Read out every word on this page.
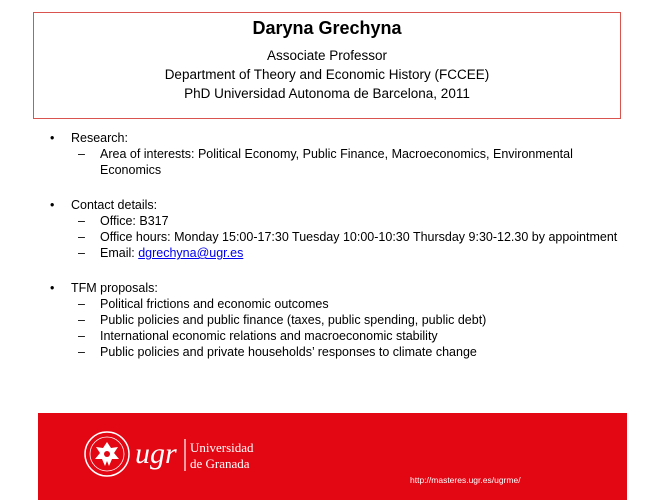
Daryna Grechyna
Associate Professor
Department of Theory and Economic History (FCCEE)
PhD Universidad Autonoma de Barcelona, 2011
• Research:
– Area of interests: Political Economy, Public Finance, Macroeconomics, Environmental Economics
• Contact details:
– Office: B317
– Office hours: Monday 15:00-17:30 Tuesday 10:00-10:30 Thursday 9:30-12.30 by appointment
– Email: dgrechyna@ugr.es
• TFM proposals:
– Political frictions and economic outcomes
– Public policies and public finance (taxes, public spending, public debt)
– International economic relations and macroeconomic stability
– Public policies and private households’ responses to climate change
ugr Universidad
de Granada
http://masteres.ugr.es/ugrme/
